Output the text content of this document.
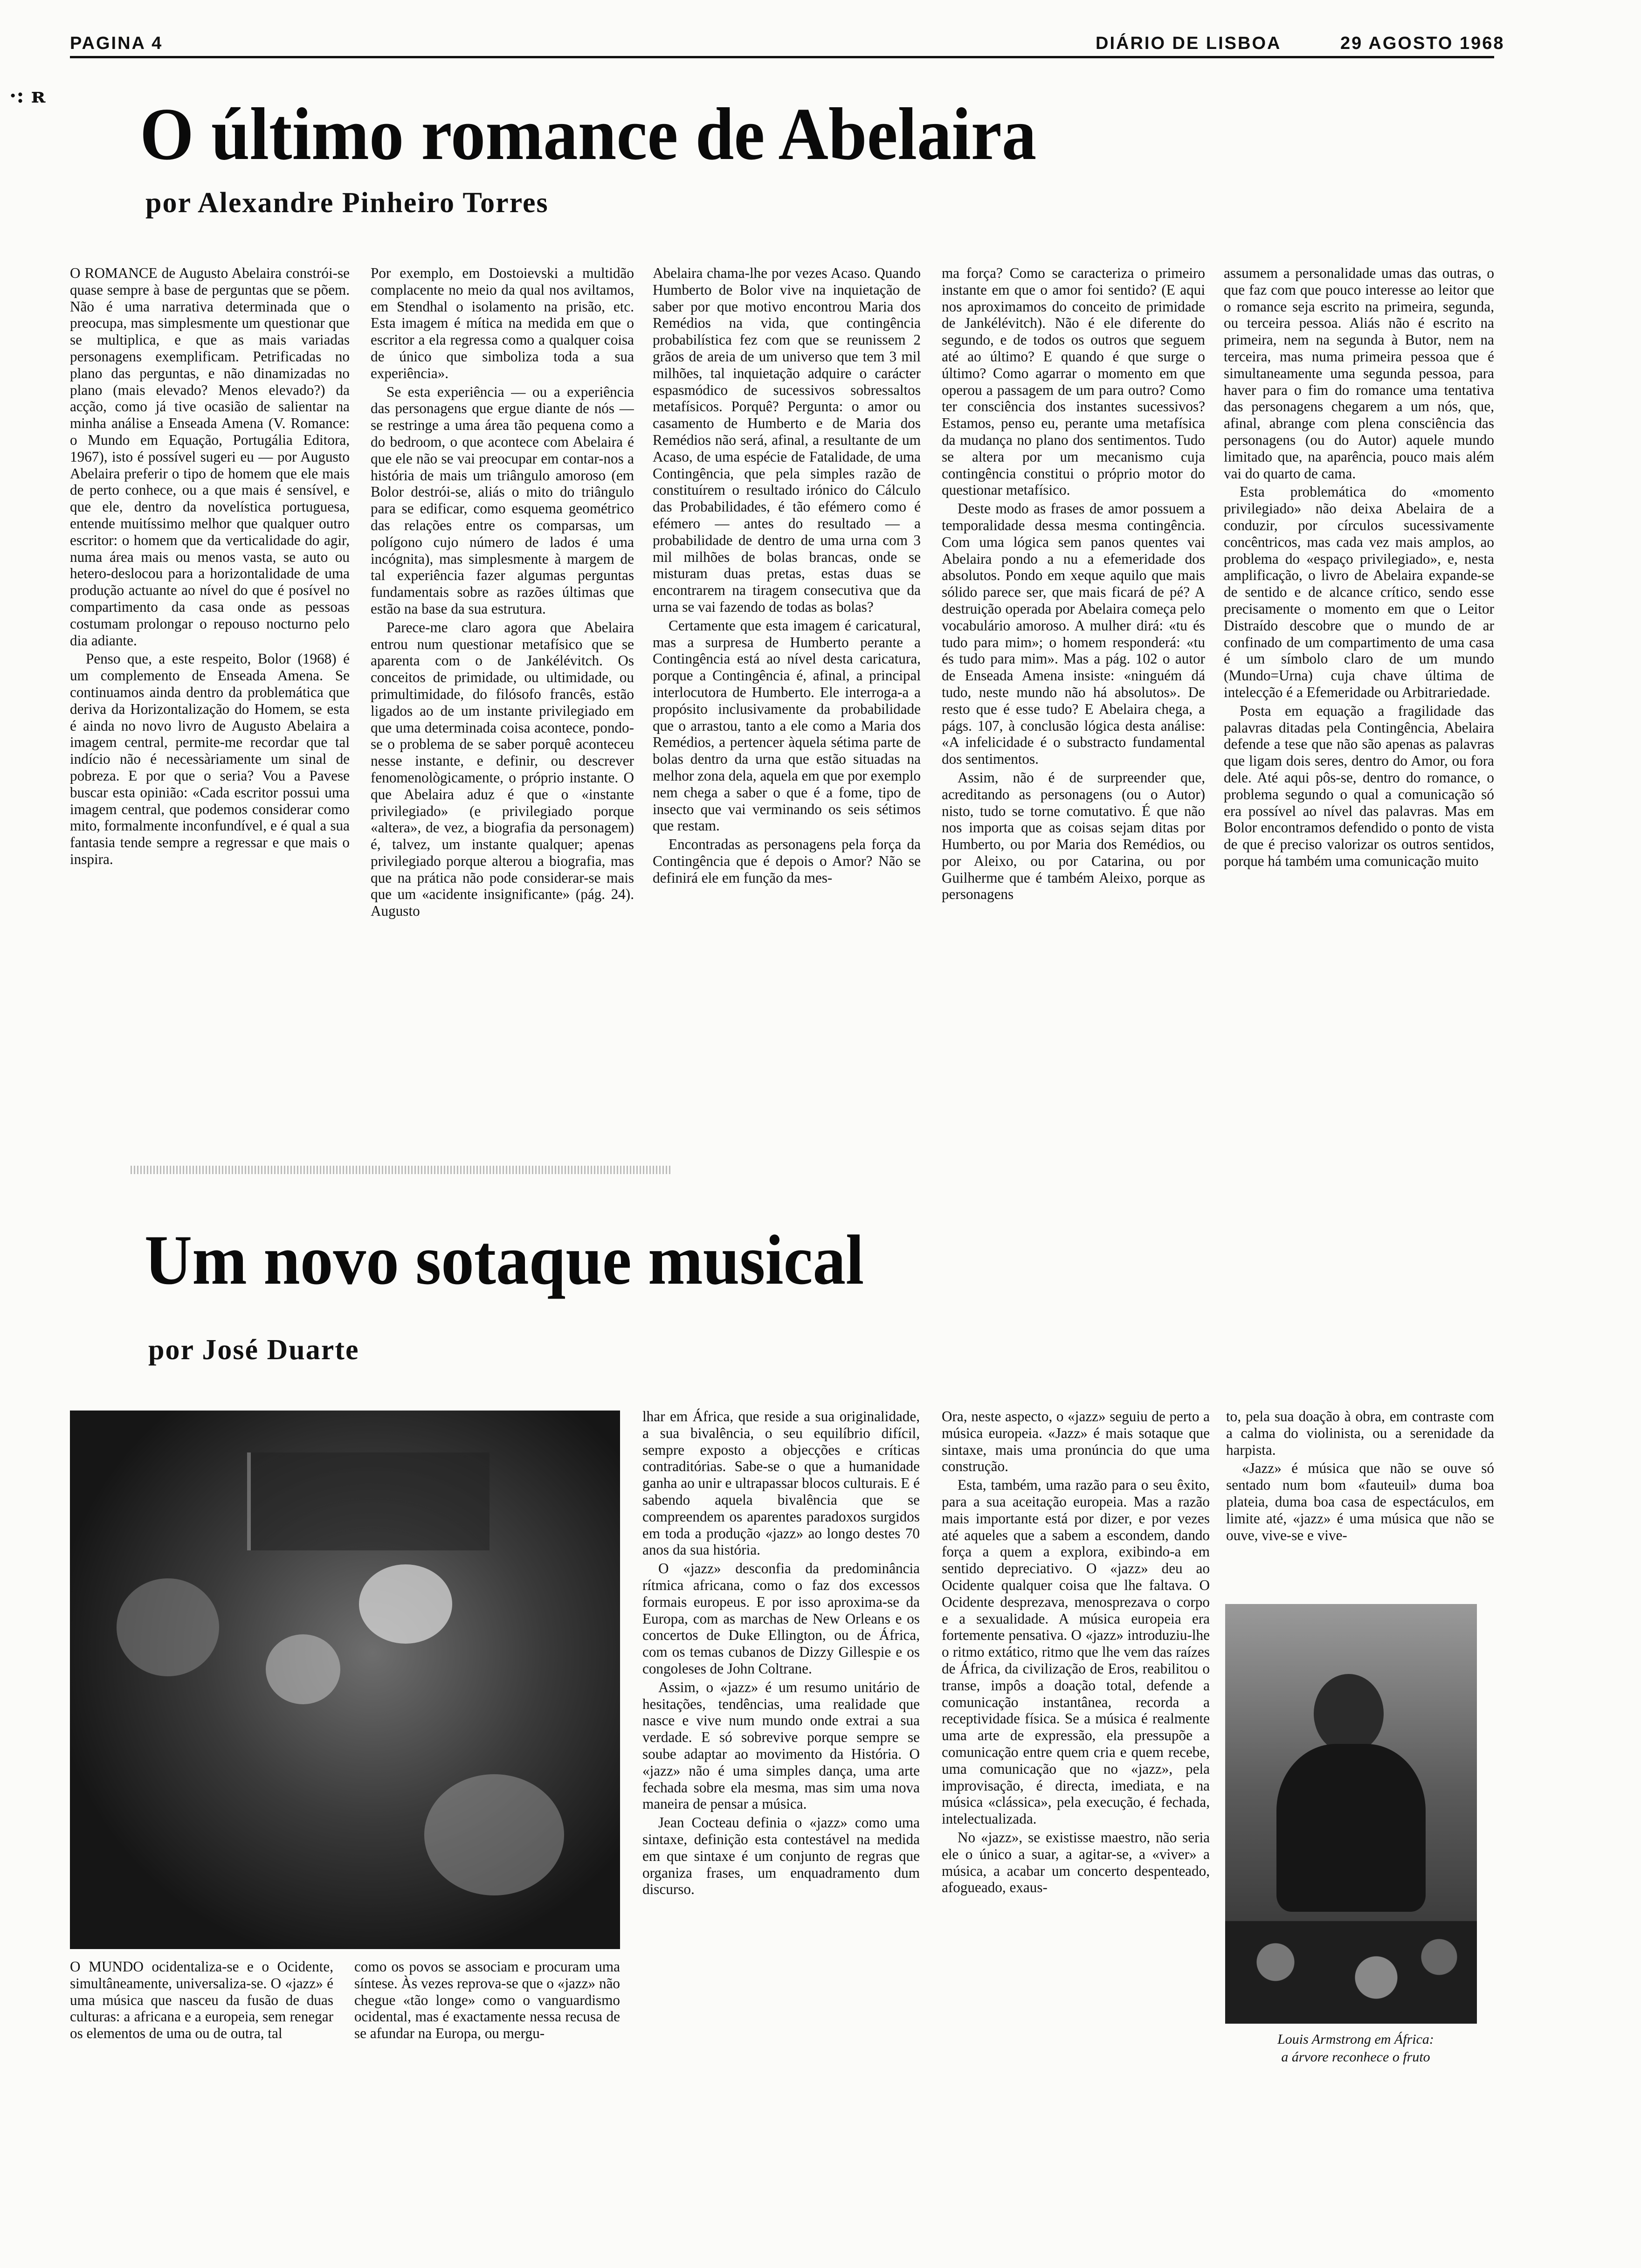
PAGINA 4	DIÁRIO DE LISBOA	29 AGOSTO 1968
·: ʀ O último romance de Abelaira
por Alexandre Pinheiro Torres

O ROMANCE de Augusto Abelaira constrói-se quase sempre à base de perguntas que se põem. Não é uma narrativa determinada que o preocupa, mas simplesmente um questionar que se multiplica, e que as mais variadas personagens exemplificam. Petrificadas no plano das perguntas, e não dinamizadas no plano (mais elevado? Menos elevado?) da acção, como já tive ocasião de salientar na minha análise a Enseada Amena (V. Romance: o Mundo em Equação, Portugália Editora, 1967), isto é possível sugeri eu — por Augusto Abelaira preferir o tipo de homem que ele mais de perto conhece, ou a que mais é sensível, e que ele, dentro da novelística portuguesa, entende muitíssimo melhor que qualquer outro escritor: o homem que da verticalidade do agir, numa área mais ou menos vasta, se auto ou hetero-deslocou para a horizontalidade de uma produção actuante ao nível do que é posível no compartimento da casa onde as pessoas costumam prolongar o repouso nocturno pelo dia adiante.

Penso que, a este respeito, Bolor (1968) é um complemento de Enseada Amena. Se continuamos ainda dentro da problemática que deriva da Horizontalização do Homem, se esta é ainda no novo livro de Augusto Abelaira a imagem central, permite-me recordar que tal indício não é necessàriamente um sinal de pobreza. E por que o seria? Vou a Pavese buscar esta opinião: «Cada escritor possui uma imagem central, que podemos considerar como mito, formalmente inconfundível, e é qual a sua fantasia tende sempre a regressar e que mais o inspira.

Por exemplo, em Dostoievski a multidão complacente no meio da qual nos aviltamos, em Stendhal o isolamento na prisão, etc. Esta imagem é mítica na medida em que o escritor a ela regressa como a qualquer coisa de único que simboliza toda a sua experiência».

Se esta experiência — ou a experiência das personagens que ergue diante de nós — se restringe a uma área tão pequena como a do bedroom, o que acontece com Abelaira é que ele não se vai preocupar em contar-nos a história de mais um triângulo amoroso (em Bolor destrói-se, aliás o mito do triângulo para se edificar, como esquema geométrico das relações entre os comparsas, um polígono cujo número de lados é uma incógnita), mas simplesmente à margem de tal experiência fazer algumas perguntas fundamentais sobre as razões últimas que estão na base da sua estrutura.

Parece-me claro agora que Abelaira entrou num questionar metafísico que se aparenta com o de Jankélévitch. Os conceitos de primidade, ou ultimidade, ou primultimidade, do filósofo francês, estão ligados ao de um instante privilegiado em que uma determinada coisa acontece, pondo-se o problema de se saber porquê aconteceu nesse instante, e definir, ou descrever fenomenològicamente, o próprio instante. O que Abelaira aduz é que o «instante privilegiado» (e privilegiado porque «altera», de vez, a biografia da personagem) é, talvez, um instante qualquer; apenas privilegiado porque alterou a biografia, mas que na prática não pode considerar-se mais que um «acidente insignificante» (pág. 24). Augusto

Abelaira chama-lhe por vezes Acaso. Quando Humberto de Bolor vive na inquietação de saber por que motivo encontrou Maria dos Remédios na vida, que contingência probabilística fez com que se reunissem 2 grãos de areia de um universo que tem 3 mil milhões, tal inquietação adquire o carácter espasmódico de sucessivos sobressaltos metafísicos. Porquê? Pergunta: o amor ou casamento de Humberto e de Maria dos Remédios não será, afinal, a resultante de um Acaso, de uma espécie de Fatalidade, de uma Contingência, que pela simples razão de constituírem o resultado irónico do Cálculo das Probabilidades, é tão efémero como é efémero — antes do resultado — a probabilidade de dentro de uma urna com 3 mil milhões de bolas brancas, onde se misturam duas pretas, estas duas se encontrarem na tiragem consecutiva que da urna se vai fazendo de todas as bolas?

Certamente que esta imagem é caricatural, mas a surpresa de Humberto perante a Contingência está ao nível desta caricatura, porque a Contingência é, afinal, a principal interlocutora de Humberto. Ele interroga-a a propósito inclusivamente da probabilidade que o arrastou, tanto a ele como a Maria dos Remédios, a pertencer àquela sétima parte de bolas dentro da urna que estão situadas na melhor zona dela, aquela em que por exemplo nem chega a saber o que é a fome, tipo de insecto que vai verminando os seis sétimos que restam.

Encontradas as personagens pela força da Contingência que é depois o Amor? Não se definirá ele em função da mes-

ma força? Como se caracteriza o primeiro instante em que o amor foi sentido? (E aqui nos aproximamos do conceito de primidade de Jankélévitch). Não é ele diferente do segundo, e de todos os outros que seguem até ao último? E quando é que surge o último? Como agarrar o momento em que operou a passagem de um para outro? Como ter consciência dos instantes sucessivos? Estamos, penso eu, perante uma metafísica da mudança no plano dos sentimentos. Tudo se altera por um mecanismo cuja contingência constitui o próprio motor do questionar metafísico.

Deste modo as frases de amor possuem a temporalidade dessa mesma contingência. Com uma lógica sem panos quentes vai Abelaira pondo a nu a efemeridade dos absolutos. Pondo em xeque aquilo que mais sólido parece ser, que mais ficará de pé? A destruição operada por Abelaira começa pelo vocabulário amoroso. A mulher dirá: «tu és tudo para mim»; o homem responderá: «tu és tudo para mim». Mas a pág. 102 o autor de Enseada Amena insiste: «ninguém dá tudo, neste mundo não há absolutos». De resto que é esse tudo? E Abelaira chega, a págs. 107, à conclusão lógica desta análise: «A infelicidade é o substracto fundamental dos sentimentos.

Assim, não é de surpreender que, acreditando as personagens (ou o Autor) nisto, tudo se torne comutativo. É que não nos importa que as coisas sejam ditas por Humberto, ou por Maria dos Remédios, ou por Aleixo, ou por Catarina, ou por Guilherme que é também Aleixo, porque as personagens

assumem a personalidade umas das outras, o que faz com que pouco interesse ao leitor que o romance seja escrito na primeira, segunda, ou terceira pessoa. Aliás não é escrito na primeira, nem na segunda à Butor, nem na terceira, mas numa primeira pessoa que é simultaneamente uma segunda pessoa, para haver para o fim do romance uma tentativa das personagens chegarem a um nós, que, afinal, abrange com plena consciência das personagens (ou do Autor) aquele mundo limitado que, na aparência, pouco mais além vai do quarto de cama.

Esta problemática do «momento privilegiado» não deixa Abelaira de a conduzir, por círculos sucessivamente concêntricos, mas cada vez mais amplos, ao problema do «espaço privilegiado», e, nesta amplificação, o livro de Abelaira expande-se de sentido e de alcance crítico, sendo esse precisamente o momento em que o Leitor Distraído descobre que o mundo de ar confinado de um compartimento de uma casa é um símbolo claro de um mundo (Mundo=Urna) cuja chave última de intelecção é a Efemeridade ou Arbitrariedade.

Posta em equação a fragilidade das palavras ditadas pela Contingência, Abelaira defende a tese que não são apenas as palavras que ligam dois seres, dentro do Amor, ou fora dele. Até aqui pôs-se, dentro do romance, o problema segundo o qual a comunicação só era possível ao nível das palavras. Mas em Bolor encontramos defendido o ponto de vista de que é preciso valorizar os outros sentidos, porque há também uma comunicação muito

Um novo sotaque musical
por José Duarte

O MUNDO ocidentaliza-se e o Ocidente, simultâneamente, universaliza-se. O «jazz» é uma música que nasceu da fusão de duas culturas: a africana e a europeia, sem renegar os elementos de uma ou de outra, tal

como os povos se associam e procuram uma síntese. Às vezes reprova-se que o «jazz» não chegue «tão longe» como o vanguardismo ocidental, mas é exactamente nessa recusa de se afundar na Europa, ou mergu-

lhar em África, que reside a sua originalidade, a sua bivalência, o seu equilíbrio difícil, sempre exposto a objecções e críticas contraditórias. Sabe-se o que a humanidade ganha ao unir e ultrapassar blocos culturais. E é sabendo aquela bivalência que se compreendem os aparentes paradoxos surgidos em toda a produção «jazz» ao longo destes 70 anos da sua história.

O «jazz» desconfia da predominância rítmica africana, como o faz dos excessos formais europeus. E por isso aproxima-se da Europa, com as marchas de New Orleans e os concertos de Duke Ellington, ou de África, com os temas cubanos de Dizzy Gillespie e os congoleses de John Coltrane.

Assim, o «jazz» é um resumo unitário de hesitações, tendências, uma realidade que nasce e vive num mundo onde extrai a sua verdade. E só sobrevive porque sempre se soube adaptar ao movimento da História. O «jazz» não é uma simples dança, uma arte fechada sobre ela mesma, mas sim uma nova maneira de pensar a música.

Jean Cocteau definia o «jazz» como uma sintaxe, definição esta contestável na medida em que sintaxe é um conjunto de regras que organiza frases, um enquadramento dum discurso.

Ora, neste aspecto, o «jazz» seguiu de perto a música europeia. «Jazz» é mais sotaque que sintaxe, mais uma pronúncia do que uma construção.

Esta, também, uma razão para o seu êxito, para a sua aceitação europeia. Mas a razão mais importante está por dizer, e por vezes até aqueles que a sabem a escondem, dando força a quem a explora, exibindo-a em sentido depreciativo. O «jazz» deu ao Ocidente qualquer coisa que lhe faltava. O Ocidente desprezava, menosprezava o corpo e a sexualidade. A música europeia era fortemente pensativa. O «jazz» introduziu-lhe o ritmo extático, ritmo que lhe vem das raízes de África, da civilização de Eros, reabilitou o transe, impôs a doação total, defende a comunicação instantânea, recorda a receptividade física. Se a música é realmente uma arte de expressão, ela pressupõe a comunicação entre quem cria e quem recebe, uma comunicação que no «jazz», pela improvisação, é directa, imediata, e na música «clássica», pela execução, é fechada, intelectualizada.

No «jazz», se existisse maestro, não seria ele o único a suar, a agitar-se, a «viver» a música, a acabar um concerto despenteado, afogueado, exaus-

to, pela sua doação à obra, em contraste com a calma do violinista, ou a serenidade da harpista.

«Jazz» é música que não se ouve só sentado num bom «fauteuil» duma boa plateia, duma boa casa de espectáculos, em limite até, «jazz» é uma música que não se ouve, vive-se e vive-

Louis Armstrong em África:
a árvore reconhece o fruto
